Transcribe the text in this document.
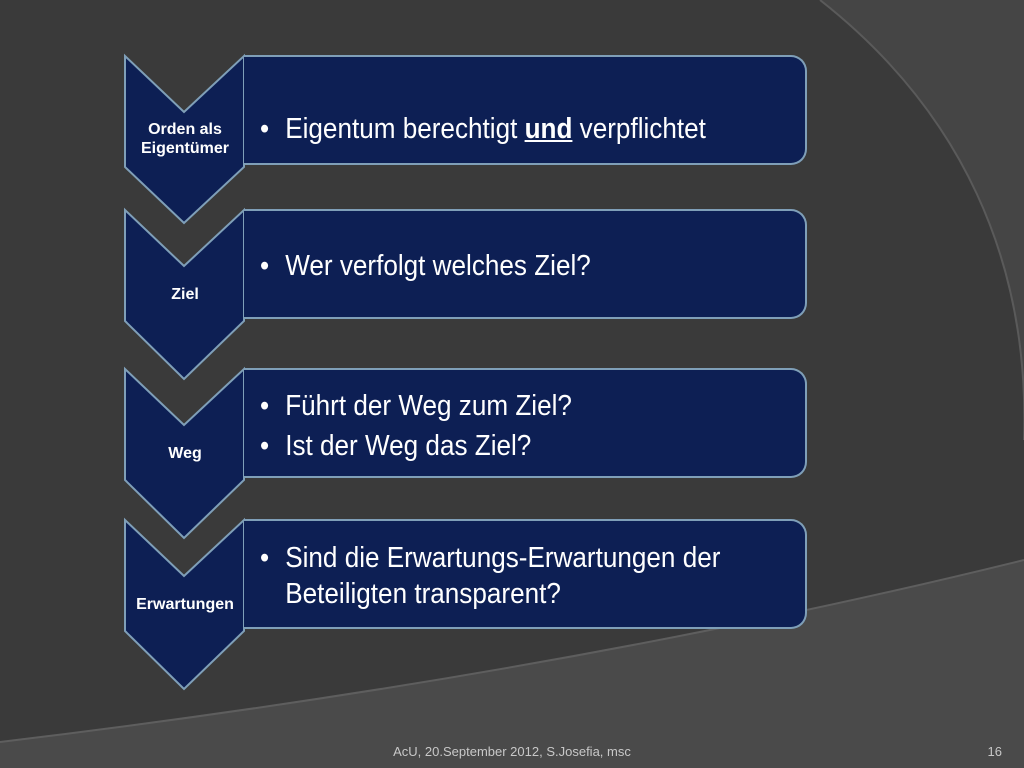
Orden als Eigentümer
• Eigentum berechtigt und verpflichtet
Ziel
• Wer verfolgt welches Ziel?
Weg
• Führt der Weg zum Ziel?
• Ist der Weg das Ziel?
Erwartungen
• Sind die Erwartungs-Erwartungen der
Beteiligten transparent?
AcU, 20.September 2012, S.Josefia, msc	16
